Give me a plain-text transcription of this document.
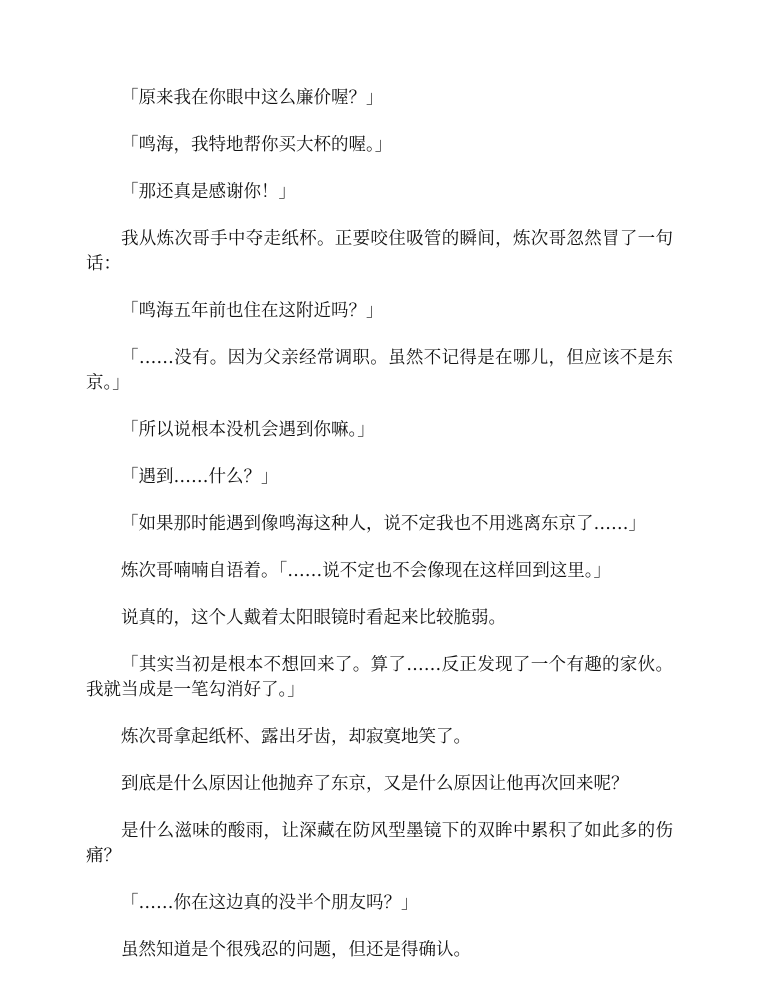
「原来我在你眼中这么廉价喔？」

「鸣海，我特地帮你买大杯的喔。」

「那还真是感谢你！」

我从炼次哥手中夺走纸杯。正要咬住吸管的瞬间，炼次哥忽然冒了一句话：

「鸣海五年前也住在这附近吗？」

「……没有。因为父亲经常调职。虽然不记得是在哪儿，但应该不是东京。」

「所以说根本没机会遇到你嘛。」

「遇到……什么？」

「如果那时能遇到像鸣海这种人，说不定我也不用逃离东京了……」

炼次哥喃喃自语着。「……说不定也不会像现在这样回到这里。」

说真的，这个人戴着太阳眼镜时看起来比较脆弱。

「其实当初是根本不想回来了。算了……反正发现了一个有趣的家伙。我就当成是一笔勾消好了。」

炼次哥拿起纸杯、露出牙齿，却寂寞地笑了。

到底是什么原因让他抛弃了东京，又是什么原因让他再次回来呢？

是什么滋味的酸雨，让深藏在防风型墨镜下的双眸中累积了如此多的伤痛？

「……你在这边真的没半个朋友吗？」

虽然知道是个很残忍的问题，但还是得确认。
